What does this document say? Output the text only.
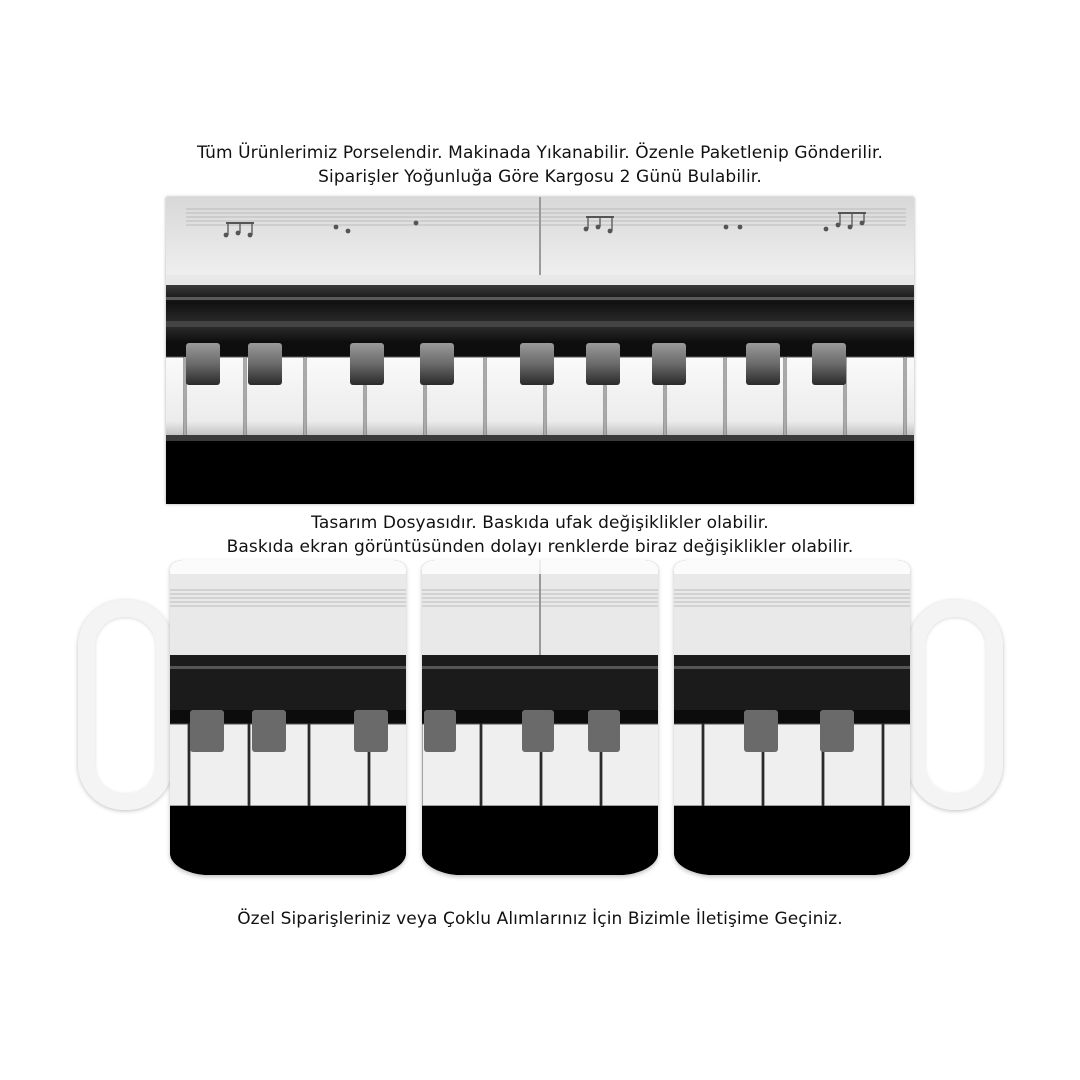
Tüm Ürünlerimiz Porselendir. Makinada Yıkanabilir. Özenle Paketlenip Gönderilir.

Siparişler Yoğunluğa Göre Kargosu 2 Günü Bulabilir.

Tasarım Dosyasıdır. Baskıda ufak değişiklikler olabilir.

Baskıda ekran görüntüsünden dolayı renklerde biraz değişiklikler olabilir.

Özel Siparişleriniz veya Çoklu Alımlarınız İçin Bizimle İletişime Geçiniz.
